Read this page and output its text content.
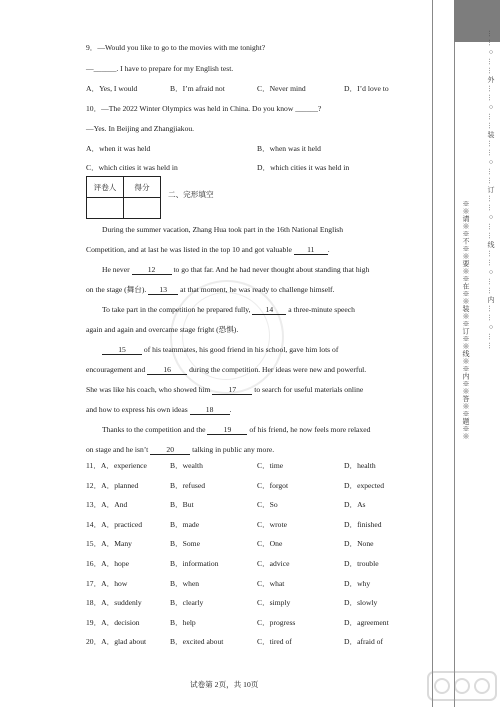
9．—Would you like to go to the movies with me tonight?
—______. I have to prepare for my English test.
A．Yes, I would	B．I’m afraid not	C．Never mind	D．I’d love to
10．—The 2022 Winter Olympics was held in China. Do you know ______?
—Yes. In Beijing and Zhangjiakou.
A．when it was held	B．when was it held
C．which cities it was held in	D．which cities it was held in
评卷人	得分

二、完形填空
During the summer vacation, Zhang Hua took part in the 16th National English
Competition, and at last he was listed in the top 10 and got valuable 11 .
He never 12 to go that far. And he had never thought about standing that high
on the stage (舞台). 13 at that moment, he was ready to challenge himself.
To take part in the competition he prepared fully, 14 a three-minute speech
again and again and overcame stage fright (恐惧).
15 of his teammates, his good friend in his school, gave him lots of
encouragement and 16 during the competition. Her ideas were new and powerful.
She was like his coach, who showed him 17 to search for useful materials online
and how to express his own ideas 18 .
Thanks to the competition and the 19 of his friend, he now feels more relaxed
on stage and he isn’t 20 talking in public any more.
11．A．experience	B．wealth	C．time	D．health
12．A．planned	B．refused	C．forgot	D．expected
13．A．And	B．But	C．So	D．As
14．A．practiced	B．made	C．wrote	D．finished
15．A．Many	B．Some	C．One	D．None
16．A．hope	B．information	C．advice	D．trouble
17．A．how	B．when	C．what	D．why
18．A．suddenly	B．clearly	C．simply	D．slowly
19．A．decision	B．help	C．progress	D．agreement
20．A．glad about	B．excited about	C．tired of	D．afraid of
试卷第 2页，共 10页
※※请※※不※※要※※在※※装※※订※※线※※内※※答※※题※※	……○……外……○……装……○……订……○……线……○……内……○……
